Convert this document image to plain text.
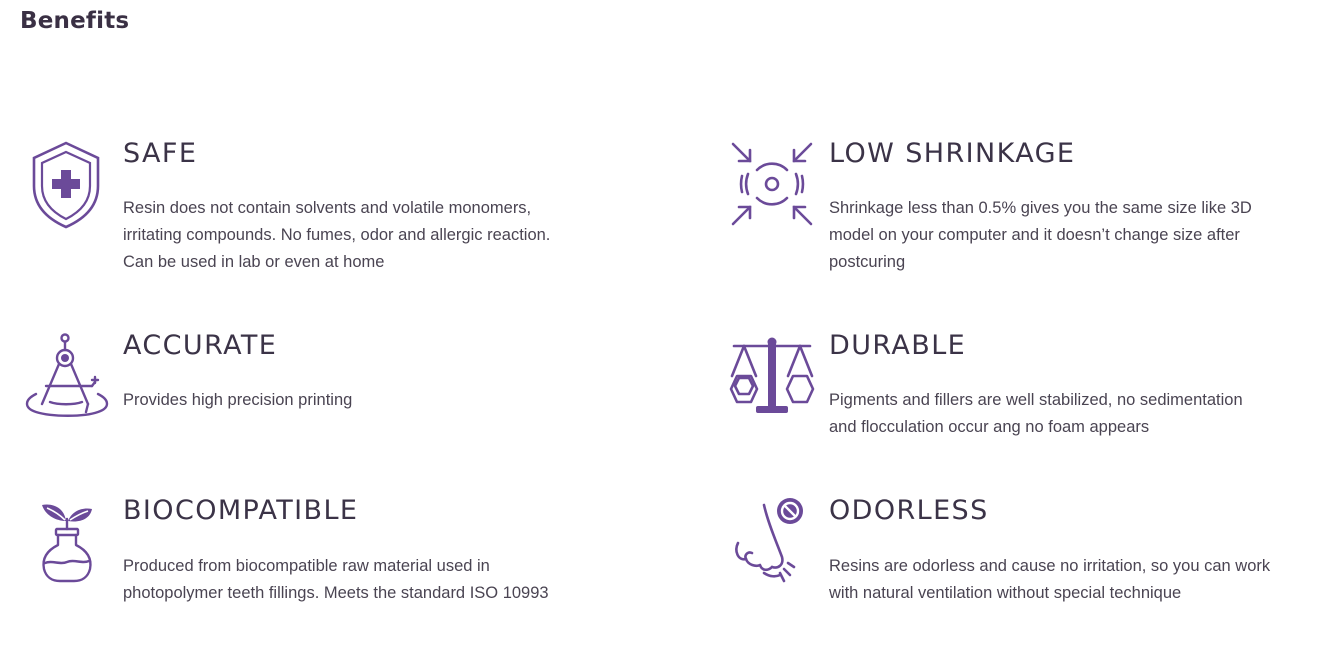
Benefits
SAFE

Resin does not contain solvents and volatile monomers,
irritating compounds. No fumes, odor and allergic reaction.
Can be used in lab or even at home

LOW SHRINKAGE

Shrinkage less than 0.5% gives you the same size like 3D
model on your computer and it doesn’t change size after
postcuring

ACCURATE

Provides high precision printing

DURABLE

Pigments and fillers are well stabilized, no sedimentation
and flocculation occur ang no foam appears

BIOCOMPATIBLE

Produced from biocompatible raw material used in
photopolymer teeth fillings. Meets the standard ISO 10993

ODORLESS

Resins are odorless and cause no irritation, so you can work
with natural ventilation without special technique
